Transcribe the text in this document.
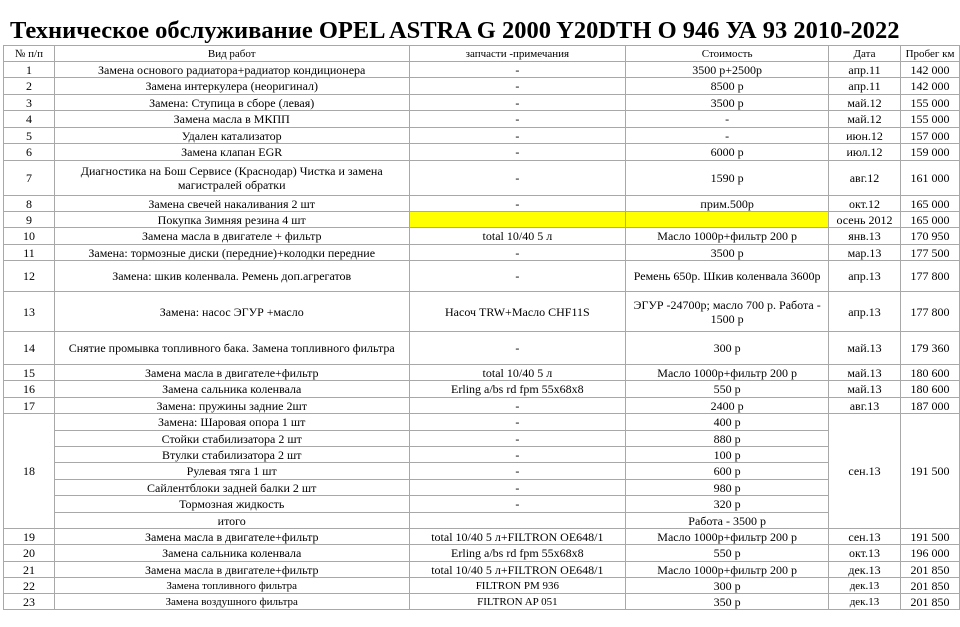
Техническое обслуживание OPEL ASTRA G 2000 Y20DTH О 946 УА 93 2010-2022
№ п/п	Вид работ	запчасти -примечания	Стоимость	Дата	Пробег км
1	Замена основого радиатора+радиатор кондиционера	-	3500 р+2500р	апр.11	142 000
2	Замена интеркулера (неоригинал)	-	8500 р	апр.11	142 000
3	Замена: Ступица в сборе (левая)	-	3500 р	май.12	155 000
4	Замена масла в МКПП	-	-	май.12	155 000
5	Удален катализатор	-	-	июн.12	157 000
6	Замена клапан EGR	-	6000 р	июл.12	159 000
7	Диагностика на Бош Сервисе (Краснодар) Чистка и замена магистралей обратки	-	1590 р	авг.12	161 000
8	Замена свечей накаливания 2 шт	-	прим.500р	окт.12	165 000
9	Покупка Зимняя резина 4 шт			осень 2012	165 000
10	Замена масла в двигателе + фильтр	total 10/40 5 л	Масло 1000р+фильтр 200 р	янв.13	170 950
11	Замена: тормозные диски (передние)+колодки передние	-	3500 р	мар.13	177 500
12	Замена: шкив коленвала. Ремень доп.агрегатов	-	Ремень 650р. Шкив коленвала 3600р	апр.13	177 800
13	Замена: насос ЭГУР +масло	Насоч TRW+Масло CHF11S	ЭГУР -24700р; масло 700 р. Работа - 1500 р	апр.13	177 800
14	Снятие промывка топливного бака. Замена топливного фильтра	-	300 р	май.13	179 360
15	Замена масла в двигателе+фильтр	total 10/40 5 л	Масло 1000р+фильтр 200 р	май.13	180 600
16	Замена сальника коленвала	Erling a/bs rd fpm 55x68x8	550 р	май.13	180 600
17	Замена: пружины задние 2шт	-	2400 р	авг.13	187 000
18	Замена: Шаровая опора 1 шт	-	400 р	сен.13	191 500
	Стойки стабилизатора 2 шт	-	880 р		
	Втулки стабилизатора 2 шт	-	100 р		
	Рулевая тяга 1 шт	-	600 р		
	Сайлентблоки задней балки 2 шт	-	980 р		
	Тормозная жидкость	-	320 р		
	итого		Работа - 3500 р		
19	Замена масла в двигателе+фильтр	total 10/40 5 л+FILTRON OE648/1	Масло 1000р+фильтр 200 р	сен.13	191 500
20	Замена сальника коленвала	Erling a/bs rd fpm 55x68x8	550 р	окт.13	196 000
21	Замена масла в двигателе+фильтр	total 10/40 5 л+FILTRON OE648/1	Масло 1000р+фильтр 200 р	дек.13	201 850
22	Замена топливного фильтра	FILTRON PM 936	300 р	дек.13	201 850
23	Замена воздушного фильтра	FILTRON AP 051	350 р	дек.13	201 850
